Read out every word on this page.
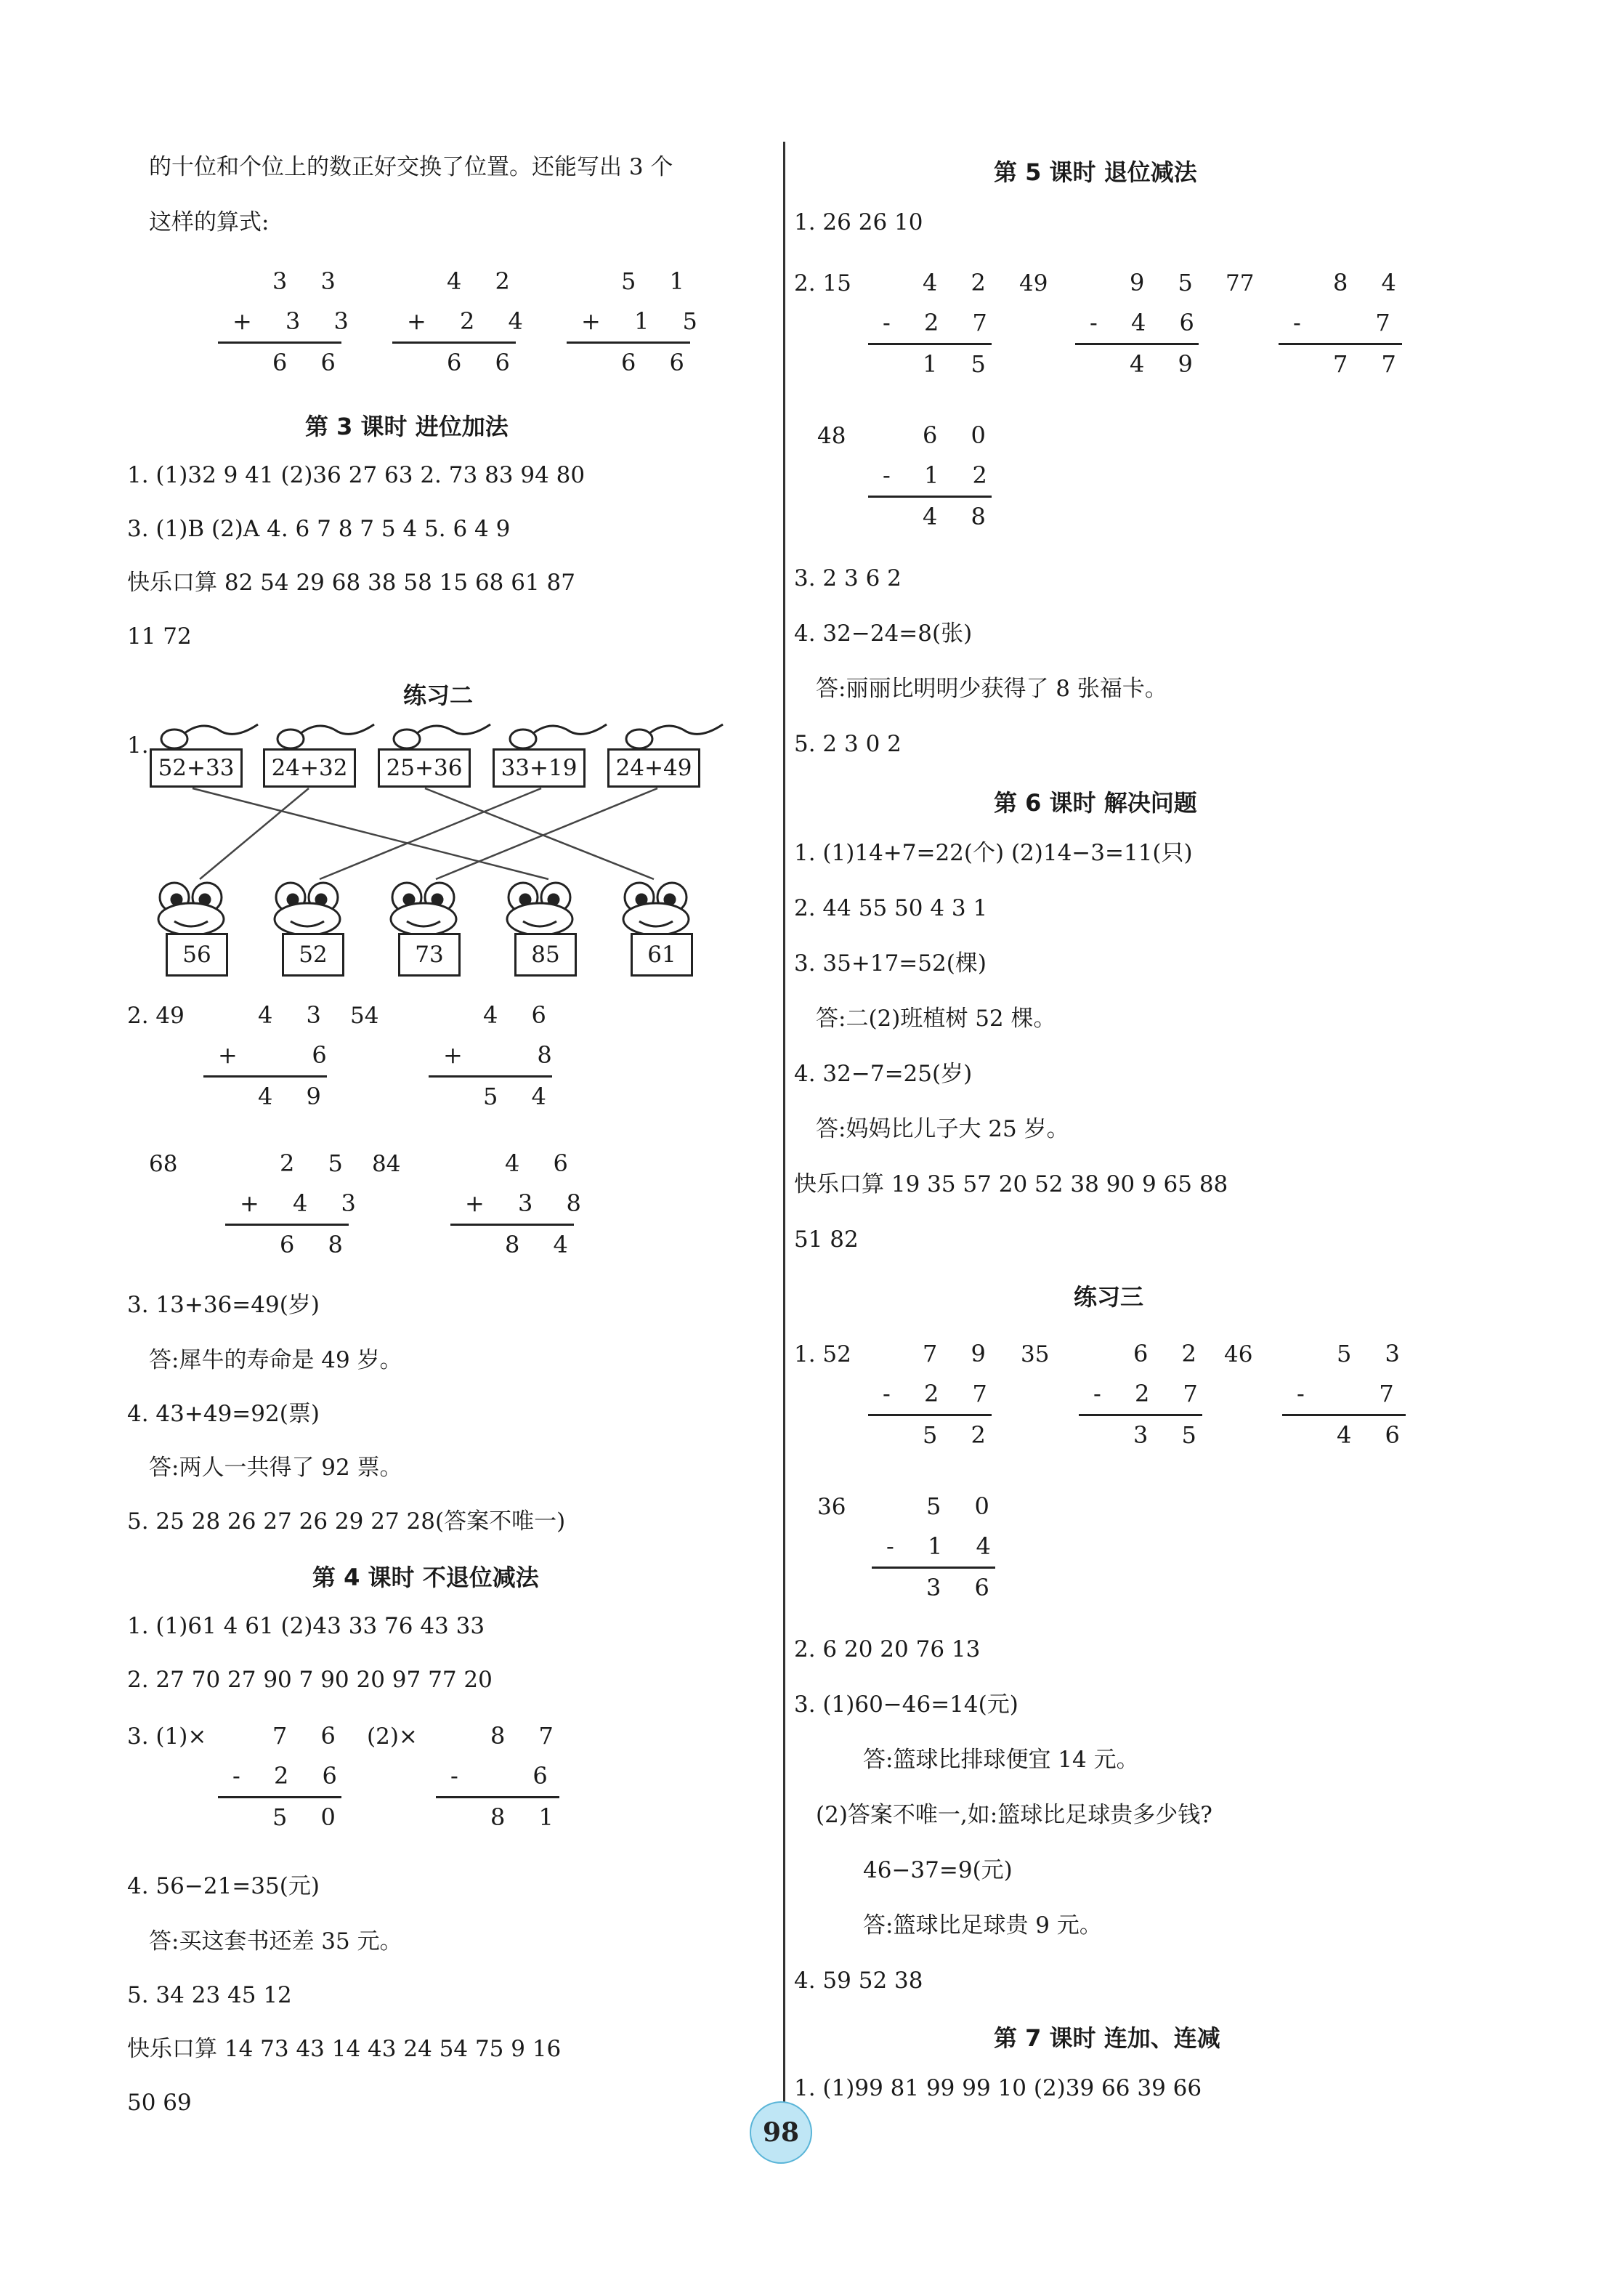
的十位和个位上的数正好交换了位置。还能写出 3 个
这样的算式:
3 3
+ 3 3
6 6
4 2
+ 2 4
6 6
5 1
+ 1 5
6 6
第 3 课时 进位加法
1. (1)32 9 41 (2)36 27 63 2. 73 83 94 80
3. (1)B (2)A 4. 6 7 8 7 5 4 5. 6 4 9
快乐口算 82 54 29 68 38 58 15 68 61 87
11 72
练习二
1.
52+33	24+32	25+36	33+19	24+49
56	52	73	85	61
2. 49	4 3
+   6
4 9
54	4 6
+   8
5 4
68	2 5
+ 4 3
6 8
84	4 6
+ 3 8
8 4
3. 13+36=49(岁)
答:犀牛的寿命是 49 岁。
4. 43+49=92(票)
答:两人一共得了 92 票。
5. 25 28 26 27 26 29 27 28(答案不唯一)
第 4 课时 不退位减法
1. (1)61 4 61 (2)43 33 76 43 33
2. 27 70 27 90 7 90 20 97 77 20
3. (1)×	7 6
- 2 6
5 0
(2)×	8 7
-   6
8 1
4. 56−21=35(元)
答:买这套书还差 35 元。
5. 34 23 45 12
快乐口算 14 73 43 14 43 24 54 75 9 16
50 69
第 5 课时 退位减法
1. 26 26 10
2. 15	4 2
- 2 7
1 5
49	9 5
- 4 6
4 9
77	8 4
-   7
7 7
48	6 0
- 1 2
4 8
3. 2 3 6 2
4. 32−24=8(张)
答:丽丽比明明少获得了 8 张福卡。
5. 2 3 0 2
第 6 课时 解决问题
1. (1)14+7=22(个) (2)14−3=11(只)
2. 44 55 50 4 3 1
3. 35+17=52(棵)
答:二(2)班植树 52 棵。
4. 32−7=25(岁)
答:妈妈比儿子大 25 岁。
快乐口算 19 35 57 20 52 38 90 9 65 88
51 82
练习三
1. 52	7 9
- 2 7
5 2
35	6 2
- 2 7
3 5
46	5 3
-   7
4 6
36	5 0
- 1 4
3 6
2. 6 20 20 76 13
3. (1)60−46=14(元)
答:篮球比排球便宜 14 元。
(2)答案不唯一,如:篮球比足球贵多少钱?
46−37=9(元)
答:篮球比足球贵 9 元。
4. 59 52 38
第 7 课时 连加、连减
1. (1)99 81 99 99 10 (2)39 66 39 66
98
